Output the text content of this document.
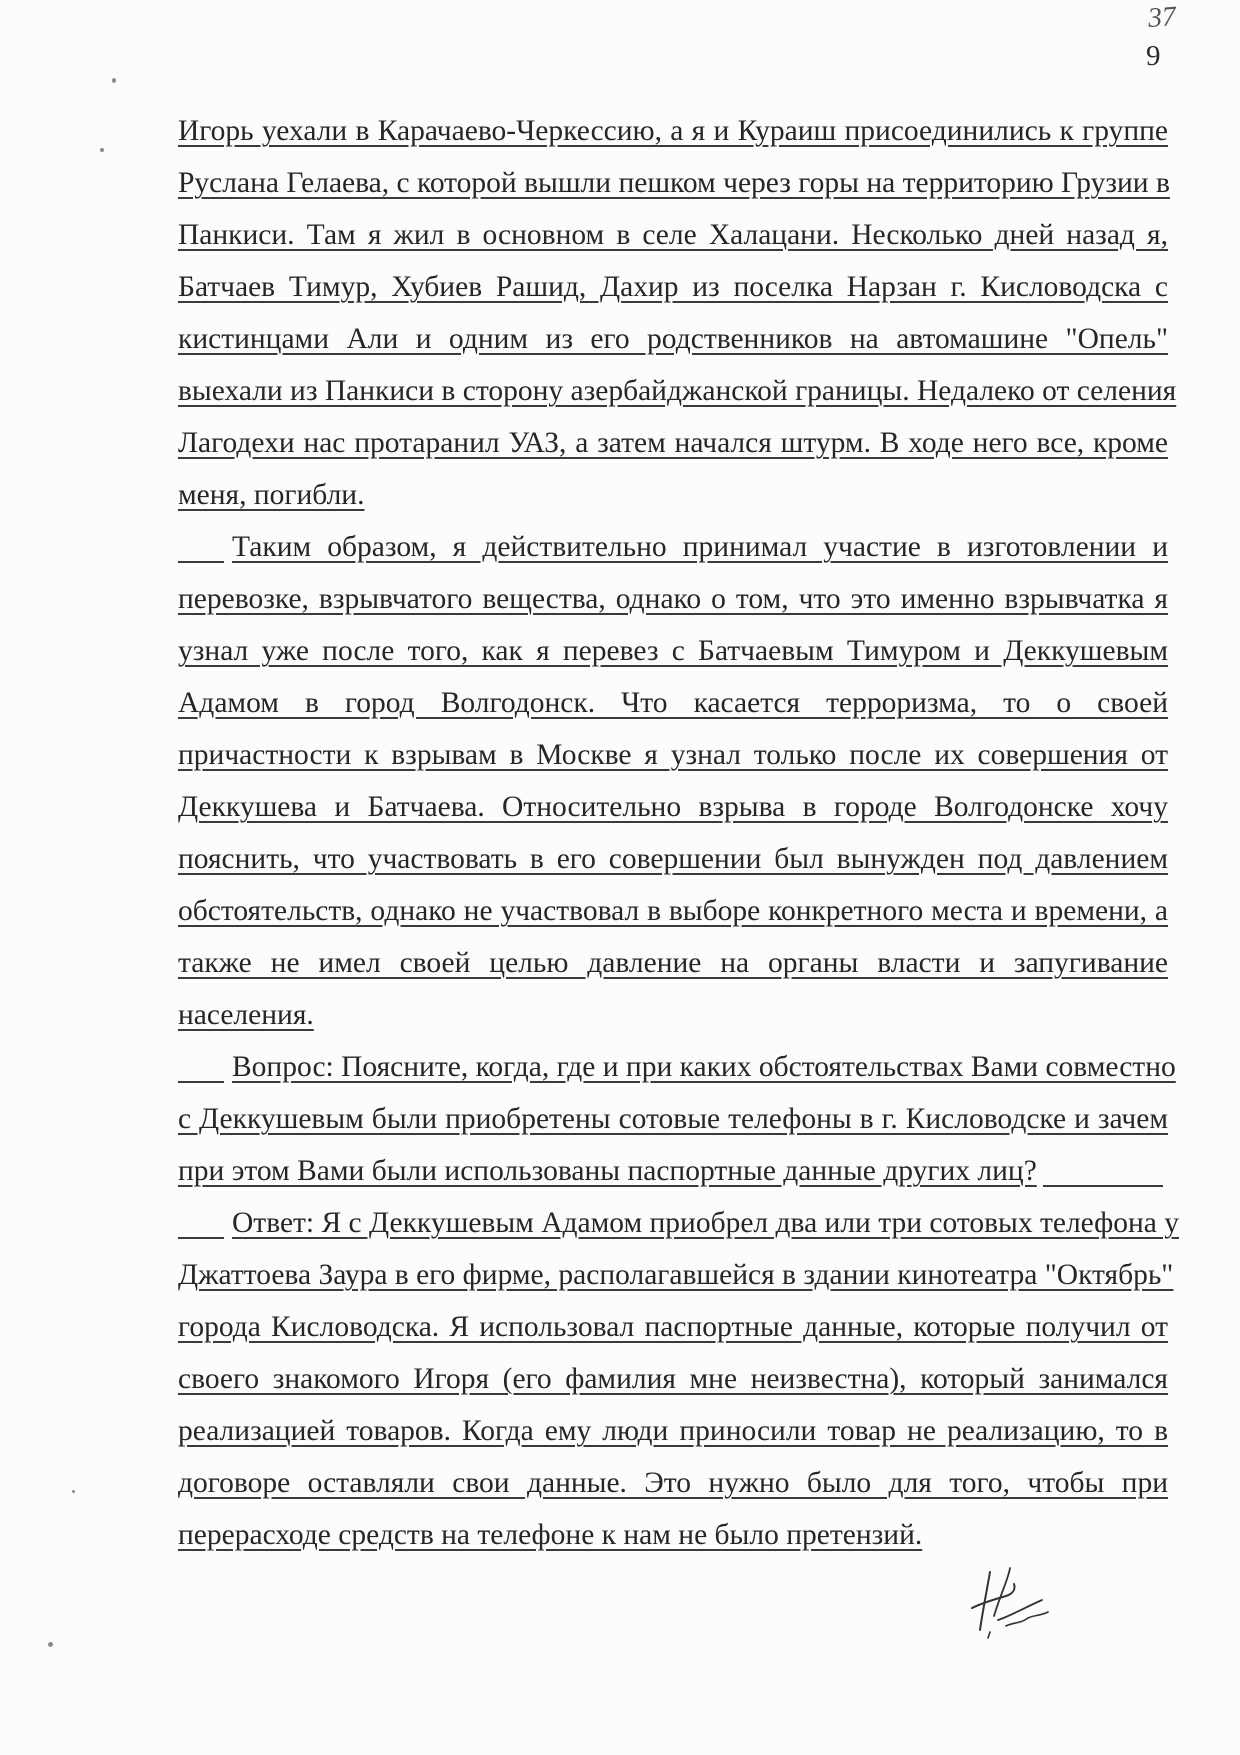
37
9
Игорь уехали в Карачаево-Черкессию, а я и Кураиш присоединились к группе
Руслана Гелаева, с которой вышли пешком через горы на территорию Грузии в
Панкиси. Там я жил в основном в селе Халацани. Несколько дней назад я,
Батчаев Тимур, Хубиев Рашид, Дахир из поселка Нарзан г. Кисловодска с
кистинцами Али и одним из его родственников на автомашине "Опель"
выехали из Панкиси в сторону азербайджанской границы. Недалеко от селения
Лагодехи нас протаранил УАЗ, а затем начался штурм. В ходе него все, кроме
меня, погибли.
Таким образом, я действительно принимал участие в изготовлении и
перевозке, взрывчатого вещества, однако о том, что это именно взрывчатка я
узнал уже после того, как я перевез с Батчаевым Тимуром и Деккушевым
Адамом в город Волгодонск. Что касается терроризма, то о своей
причастности к взрывам в Москве я узнал только после их совершения от
Деккушева и Батчаева. Относительно взрыва в городе Волгодонске хочу
пояснить, что участвовать в его совершении был вынужден под давлением
обстоятельств, однако не участвовал в выборе конкретного места и времени, а
также не имел своей целью давление на органы власти и запугивание
населения.
Вопрос: Поясните, когда, где и при каких обстоятельствах Вами совместно
с Деккушевым были приобретены сотовые телефоны в г. Кисловодске и зачем
при этом Вами были использованы паспортные данные других лиц?
Ответ: Я с Деккушевым Адамом приобрел два или три сотовых телефона у
Джаттоева Заура в его фирме, располагавшейся в здании кинотеатра "Октябрь"
города Кисловодска. Я использовал паспортные данные, которые получил от
своего знакомого Игоря (его фамилия мне неизвестна), который занимался
реализацией товаров. Когда ему люди приносили товар не реализацию, то в
договоре оставляли свои данные. Это нужно было для того, чтобы при
перерасходе средств на телефоне к нам не было претензий.
